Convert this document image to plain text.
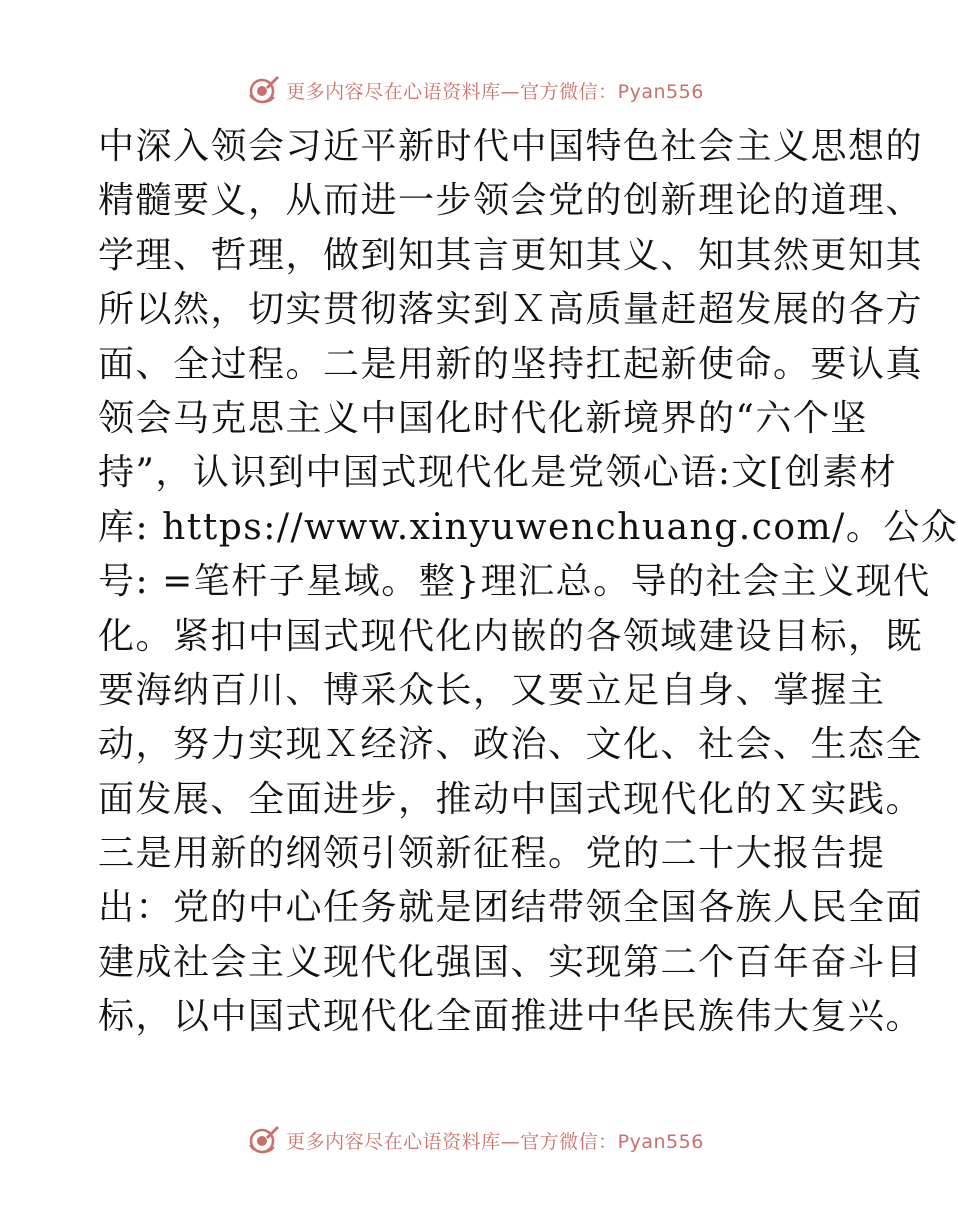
更多内容尽在心语资料库—官方微信：Pyan556
中深入领会习近平新时代中国特色社会主义思想的
精髓要义，从而进一步领会党的创新理论的道理、
学理、哲理，做到知其言更知其义、知其然更知其
所以然，切实贯彻落实到Ｘ高质量赶超发展的各方
面、全过程。二是用新的坚持扛起新使命。要认真
领会马克思主义中国化时代化新境界的“六个坚
持”，认识到中国式现代化是党领心语:文[创素材
库: https://www.xinyuwenchuang.com/。公众
号: =笔杆子星域。整}理汇总。导的社会主义现代
化。紧扣中国式现代化内嵌的各领域建设目标，既
要海纳百川、博采众长，又要立足自身、掌握主
动，努力实现Ｘ经济、政治、文化、社会、生态全
面发展、全面进步，推动中国式现代化的Ｘ实践。
三是用新的纲领引领新征程。党的二十大报告提
出：党的中心任务就是团结带领全国各族人民全面
建成社会主义现代化强国、实现第二个百年奋斗目
标，以中国式现代化全面推进中华民族伟大复兴。
更多内容尽在心语资料库—官方微信：Pyan556
